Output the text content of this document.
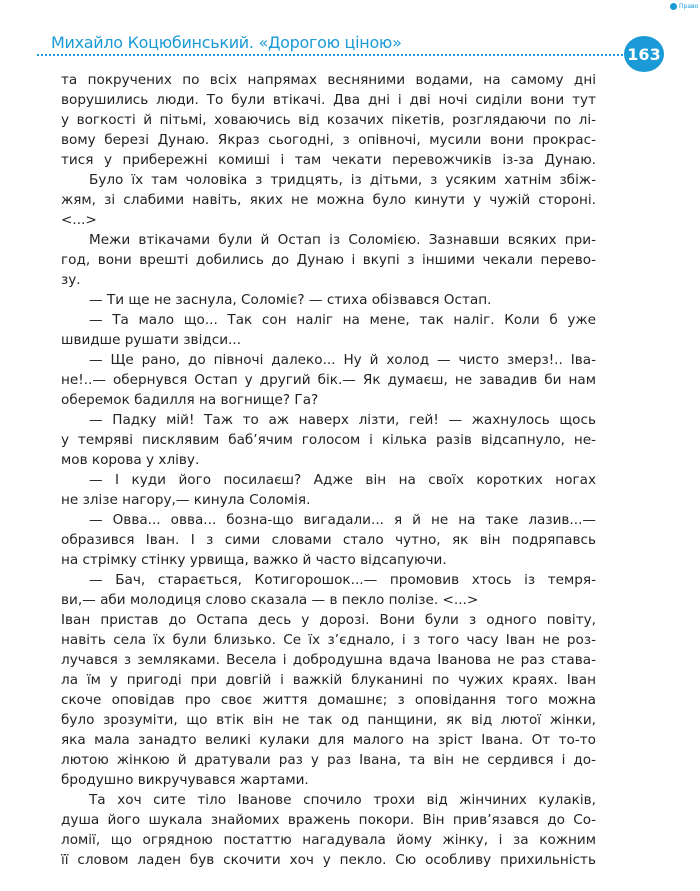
Право
Михайло Коцюбинський. «Дорогою ціною»
163
та покручених по всіх напрямах весняними водами, на самому дні
ворушились люди. То були втікачі. Два дні і дві ночі сиділи вони тут
у вогкості й пітьмі, ховаючись від козачих пікетів, розглядаючи по лі-
вому березі Дунаю. Якраз сьогодні, з опівночі, мусили вони прокрас-
тися у прибережні комиші і там чекати перевожчиків із-за Дунаю.
Було їх там чоловіка з тридцять, із дітьми, з усяким хатнім збіж-
жям, зі слабими навіть, яких не можна було кинути у чужій стороні.
<...>
Межи втікачами були й Остап із Соломією. Зазнавши всяких при-
год, вони врешті добились до Дунаю і вкупі з іншими чекали перево-
зу.
— Ти ще не заснула, Соломіє? — стиха обізвався Остап.
— Та мало що... Так сон наліг на мене, так наліг. Коли б уже
швидше рушати звідси...
— Ще рано, до півночі далеко... Ну й холод — чисто змерз!.. Іва-
не!..— обернувся Остап у другий бік.— Як думаєш, не завадив би нам
оберемок бадилля на вогнище? Га?
— Падку мій! Таж то аж наверх лізти, гей! — жахнулось щось
у темряві писклявим баб’ячим голосом і кілька разів відсапнуло, не-
мов корова у хліву.
— І куди його посилаєш? Адже він на своїх коротких ногах
не злізе нагору,— кинула Соломія.
— Овва... овва... бозна-що вигадали... я й не на таке лазив...—
образився Іван. І з сими словами стало чутно, як він подряпавсь
на стрімку стінку урвища, важко й часто відсапуючи.
— Бач, старається, Котигорошок...— промовив хтось із темря-
ви,— аби молодиця слово сказала — в пекло полізе. <...>
Іван пристав до Остапа десь у дорозі. Вони були з одного повіту,
навіть села їх були близько. Се їх з’єднало, і з того часу Іван не роз-
лучався з земляками. Весела і добродушна вдача Іванова не раз става-
ла їм у пригоді при довгій і важкій блуканині по чужих краях. Іван
скоче оповідав про своє життя домашнє; з оповідання того можна
було зрозуміти, що втік він не так од панщини, як від лютої жінки,
яка мала занадто великі кулаки для малого на зріст Івана. От то-то
лютою жінкою й дратували раз у раз Івана, та він не сердився і до-
бродушно викручувався жартами.
Та хоч сите тіло Іванове спочило трохи від жінчиних кулаків,
душа його шукала знайомих вражень покори. Він прив’язався до Со-
ломії, що огрядною постаттю нагадувала йому жінку, і за кожним
її словом ладен був скочити хоч у пекло. Сю особливу прихильність
